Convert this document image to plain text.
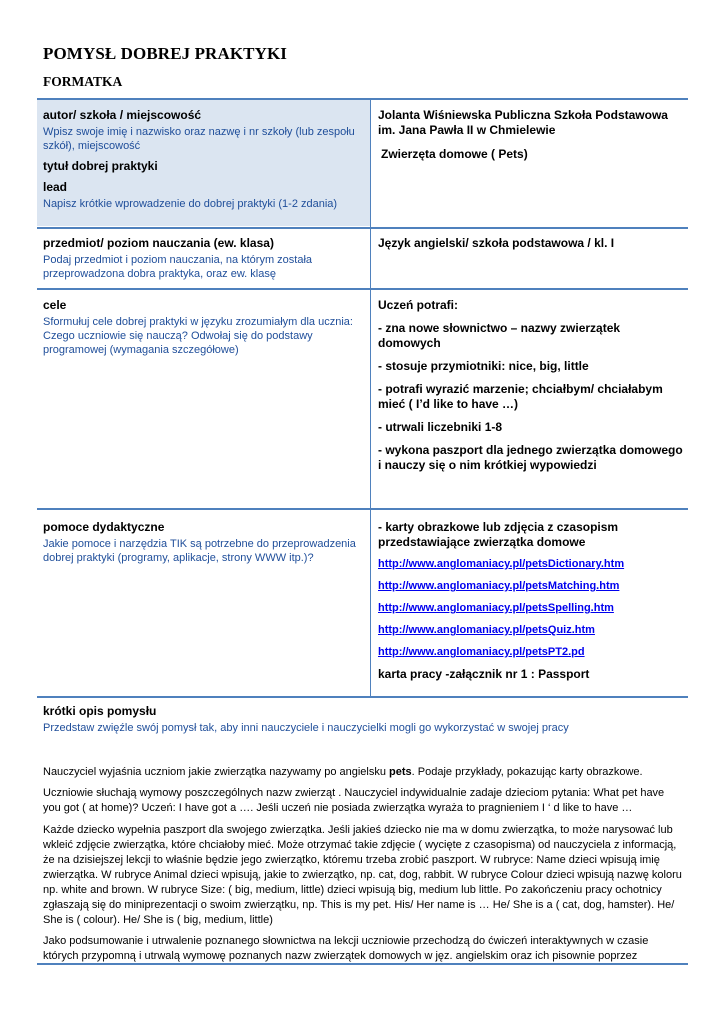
POMYSŁ DOBREJ PRAKTYKI
FORMATKA
autor/ szkoła / miejscowość
Wpisz swoje imię i nazwisko oraz nazwę i nr szkoły (lub zespołu szkół), miejscowość
tytuł dobrej praktyki
lead
Napisz krótkie wprowadzenie do dobrej praktyki (1-2 zdania)
Jolanta Wiśniewska Publiczna Szkoła Podstawowa
im. Jana Pawła II w Chmielewie
Zwierzęta domowe ( Pets)
przedmiot/ poziom nauczania (ew. klasa)
Podaj przedmiot i poziom nauczania, na którym została przeprowadzona dobra praktyka, oraz ew. klasę
Język angielski/ szkoła podstawowa / kl. I
cele
Sformułuj cele dobrej praktyki w języku zrozumiałym dla ucznia: Czego uczniowie się nauczą? Odwołaj się do podstawy programowej (wymagania szczegółowe)
Uczeń potrafi:
- zna nowe słownictwo – nazwy zwierzątek domowych
- stosuje przymiotniki: nice, big, little
- potrafi wyrazić marzenie; chciałbym/ chciałabym mieć ( I’d like to have …)
- utrwali liczebniki 1-8
- wykona paszport dla jednego zwierzątka domowego i nauczy się o nim krótkiej wypowiedzi
pomoce dydaktyczne
Jakie pomoce i narzędzia TIK są potrzebne do przeprowadzenia dobrej praktyki (programy, aplikacje, strony WWW itp.)?
- karty obrazkowe lub zdjęcia z czasopism przedstawiające zwierzątka domowe
http://www.anglomaniacy.pl/petsDictionary.htm
http://www.anglomaniacy.pl/petsMatching.htm
http://www.anglomaniacy.pl/petsSpelling.htm
http://www.anglomaniacy.pl/petsQuiz.htm
http://www.anglomaniacy.pl/petsPT2.pd
karta pracy -załącznik nr 1 : Passport
krótki opis pomysłu
Przedstaw zwięźle swój pomysł tak, aby inni nauczyciele i nauczycielki mogli go wykorzystać w swojej pracy
Nauczyciel wyjaśnia uczniom jakie zwierzątka nazywamy po angielsku pets. Podaje przykłady, pokazując karty obrazkowe.
Uczniowie słuchają wymowy poszczególnych nazw zwierząt . Nauczyciel indywidualnie zadaje dzieciom pytania: What pet have you got ( at home)? Uczeń: I have got a …. Jeśli uczeń nie posiada zwierzątka wyraża to pragnieniem I ‘ d like to have …
Każde dziecko wypełnia paszport dla swojego zwierzątka. Jeśli jakieś dziecko nie ma w domu zwierzątka, to może narysować lub wkleić zdjęcie zwierzątka, które chciałoby mieć. Może otrzymać takie zdjęcie ( wycięte z czasopisma) od nauczyciela z informacją, że na dzisiejszej lekcji to właśnie będzie jego zwierzątko, któremu trzeba zrobić paszport. W rubryce: Name dzieci wpisują imię zwierzątka. W rubryce Animal dzieci wpisują, jakie to zwierzątko, np. cat, dog, rabbit. W rubryce Colour dzieci wpisują nazwę koloru np. white and brown. W rubryce Size: ( big, medium, little) dzieci wpisują big, medium lub little. Po zakończeniu pracy ochotnicy zgłaszają się do miniprezentacji o swoim zwierzątku, np. This is my pet. His/ Her name is … He/ She is a ( cat, dog, hamster). He/ She is ( colour). He/ She is ( big, medium, little)
Jako podsumowanie i utrwalenie poznanego słownictwa na lekcji uczniowie przechodzą do ćwiczeń interaktywnych w czasie których przypomną i utrwalą wymowę poznanych nazw zwierzątek domowych w jęz. angielskim oraz ich pisownie poprzez
